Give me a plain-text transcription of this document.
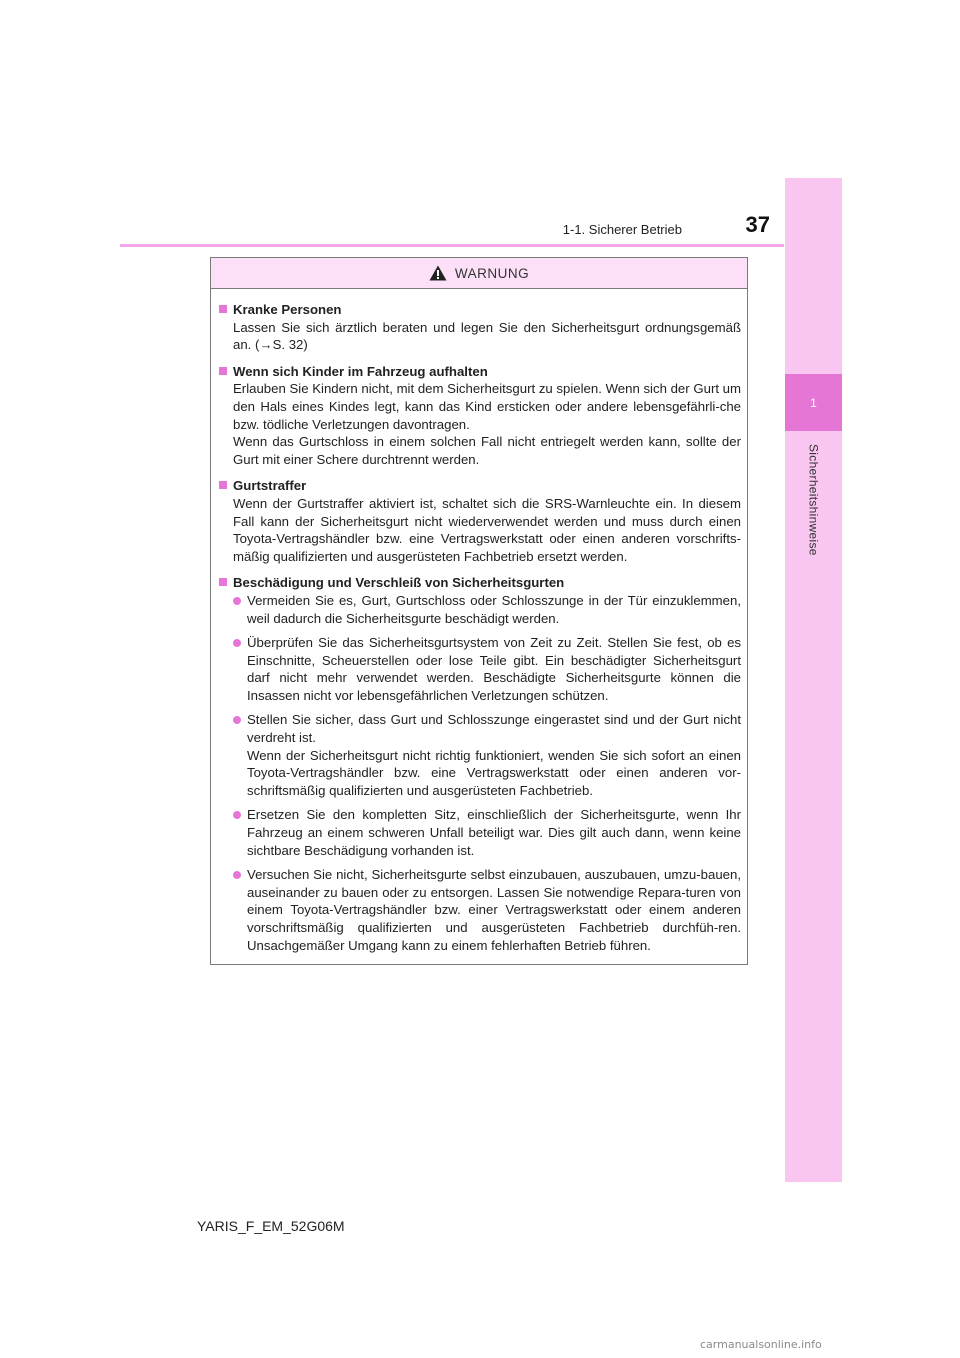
1-1. Sicherer Betrieb	37
1
Sicherheitshinweise
WARNUNG
Kranke Personen
Lassen Sie sich ärztlich beraten und legen Sie den Sicherheitsgurt ordnungsgemäß an. (→S. 32)
Wenn sich Kinder im Fahrzeug aufhalten
Erlauben Sie Kindern nicht, mit dem Sicherheitsgurt zu spielen. Wenn sich der Gurt um den Hals eines Kindes legt, kann das Kind ersticken oder andere lebensgefährli-che bzw. tödliche Verletzungen davontragen.
Wenn das Gurtschloss in einem solchen Fall nicht entriegelt werden kann, sollte der Gurt mit einer Schere durchtrennt werden.
Gurtstraffer
Wenn der Gurtstraffer aktiviert ist, schaltet sich die SRS-Warnleuchte ein. In diesem Fall kann der Sicherheitsgurt nicht wiederverwendet werden und muss durch einen Toyota-Vertragshändler bzw. eine Vertragswerkstatt oder einen anderen vorschrifts-mäßig qualifizierten und ausgerüsteten Fachbetrieb ersetzt werden.
Beschädigung und Verschleiß von Sicherheitsgurten
Vermeiden Sie es, Gurt, Gurtschloss oder Schlosszunge in der Tür einzuklemmen, weil dadurch die Sicherheitsgurte beschädigt werden.
Überprüfen Sie das Sicherheitsgurtsystem von Zeit zu Zeit. Stellen Sie fest, ob es Einschnitte, Scheuerstellen oder lose Teile gibt. Ein beschädigter Sicherheitsgurt darf nicht mehr verwendet werden. Beschädigte Sicherheitsgurte können die Insassen nicht vor lebensgefährlichen Verletzungen schützen.
Stellen Sie sicher, dass Gurt und Schlosszunge eingerastet sind und der Gurt nicht verdreht ist.
Wenn der Sicherheitsgurt nicht richtig funktioniert, wenden Sie sich sofort an einen Toyota-Vertragshändler bzw. eine Vertragswerkstatt oder einen anderen vor-schriftsmäßig qualifizierten und ausgerüsteten Fachbetrieb.
Ersetzen Sie den kompletten Sitz, einschließlich der Sicherheitsgurte, wenn Ihr Fahrzeug an einem schweren Unfall beteiligt war. Dies gilt auch dann, wenn keine sichtbare Beschädigung vorhanden ist.
Versuchen Sie nicht, Sicherheitsgurte selbst einzubauen, auszubauen, umzu-bauen, auseinander zu bauen oder zu entsorgen. Lassen Sie notwendige Repara-turen von einem Toyota-Vertragshändler bzw. einer Vertragswerkstatt oder einem anderen vorschriftsmäßig qualifizierten und ausgerüsteten Fachbetrieb durchfüh-ren. Unsachgemäßer Umgang kann zu einem fehlerhaften Betrieb führen.
YARIS_F_EM_52G06M
carmanualsonline.info
